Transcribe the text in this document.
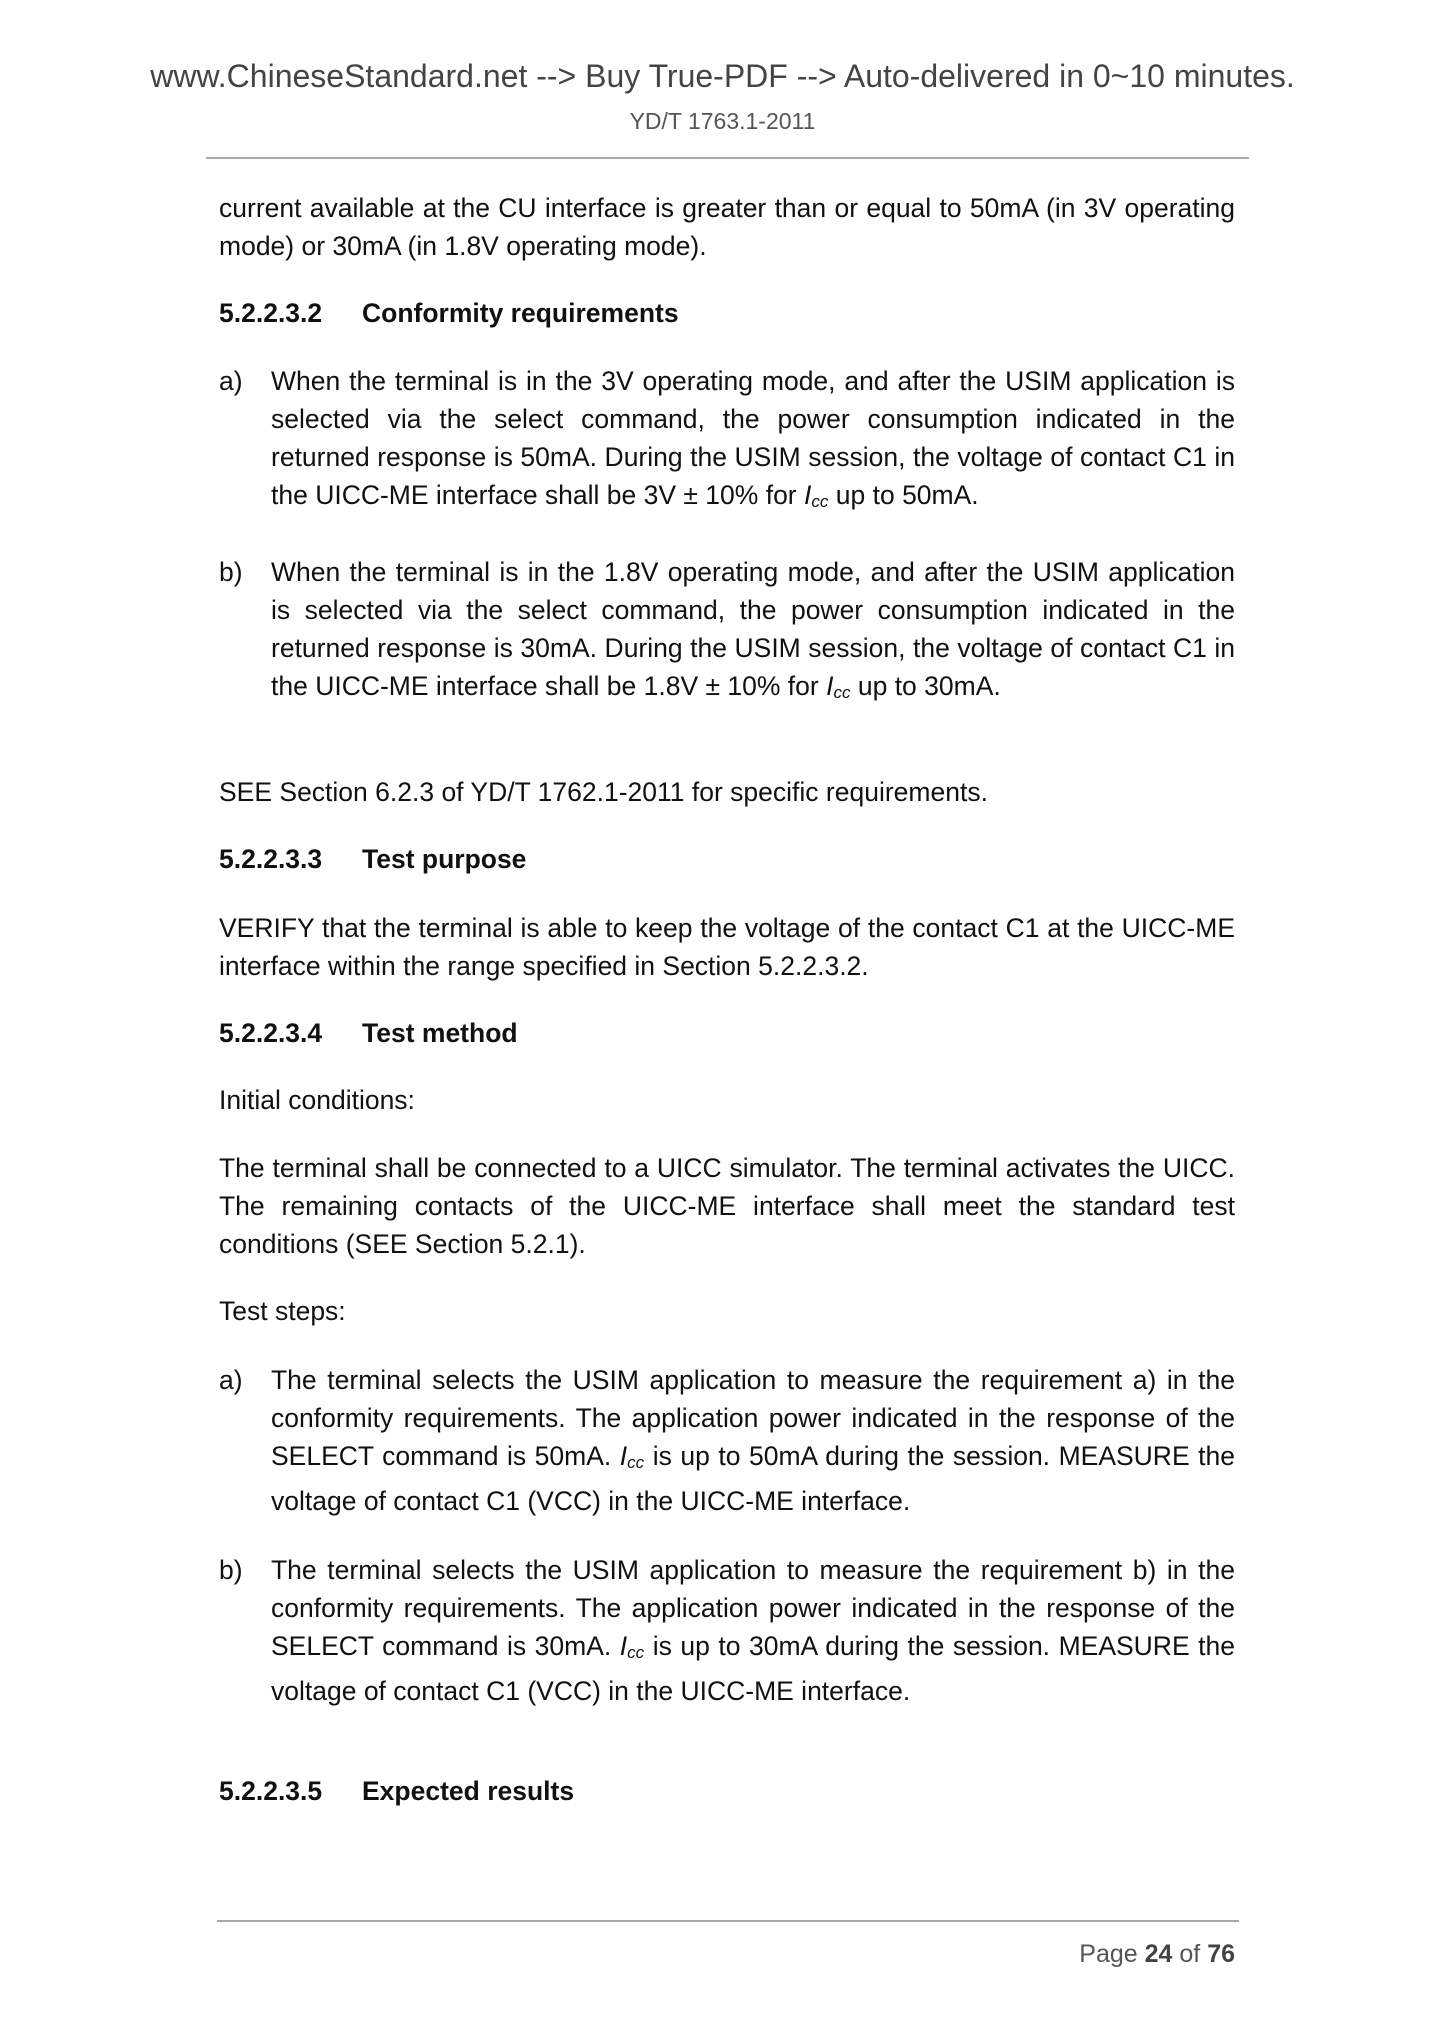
www.ChineseStandard.net --> Buy True-PDF --> Auto-delivered in 0~10 minutes.
YD/T 1763.1-2011
current available at the CU interface is greater than or equal to 50mA (in 3V operating mode) or 30mA (in 1.8V operating mode).
5.2.2.3.2 Conformity requirements
a) When the terminal is in the 3V operating mode, and after the USIM application is selected via the select command, the power consumption indicated in the returned response is 50mA. During the USIM session, the voltage of contact C1 in the UICC-ME interface shall be 3V ± 10% for $I_{cc}$ up to 50mA.
b) When the terminal is in the 1.8V operating mode, and after the USIM application is selected via the select command, the power consumption indicated in the returned response is 30mA. During the USIM session, the voltage of contact C1 in the UICC-ME interface shall be 1.8V ± 10% for $I_{cc}$ up to 30mA.
SEE Section 6.2.3 of YD/T 1762.1-2011 for specific requirements.
5.2.2.3.3 Test purpose
VERIFY that the terminal is able to keep the voltage of the contact C1 at the UICC-ME interface within the range specified in Section 5.2.2.3.2.
5.2.2.3.4 Test method
Initial conditions:
The terminal shall be connected to a UICC simulator. The terminal activates the UICC. The remaining contacts of the UICC-ME interface shall meet the standard test conditions (SEE Section 5.2.1).
Test steps:
a) The terminal selects the USIM application to measure the requirement a) in the conformity requirements. The application power indicated in the response of the SELECT command is 50mA. $I_{cc}$ is up to 50mA during the session. MEASURE the voltage of contact C1 (VCC) in the UICC-ME interface.
b) The terminal selects the USIM application to measure the requirement b) in the conformity requirements. The application power indicated in the response of the SELECT command is 30mA. $I_{cc}$ is up to 30mA during the session. MEASURE the voltage of contact C1 (VCC) in the UICC-ME interface.
5.2.2.3.5 Expected results
Page 24 of 76
